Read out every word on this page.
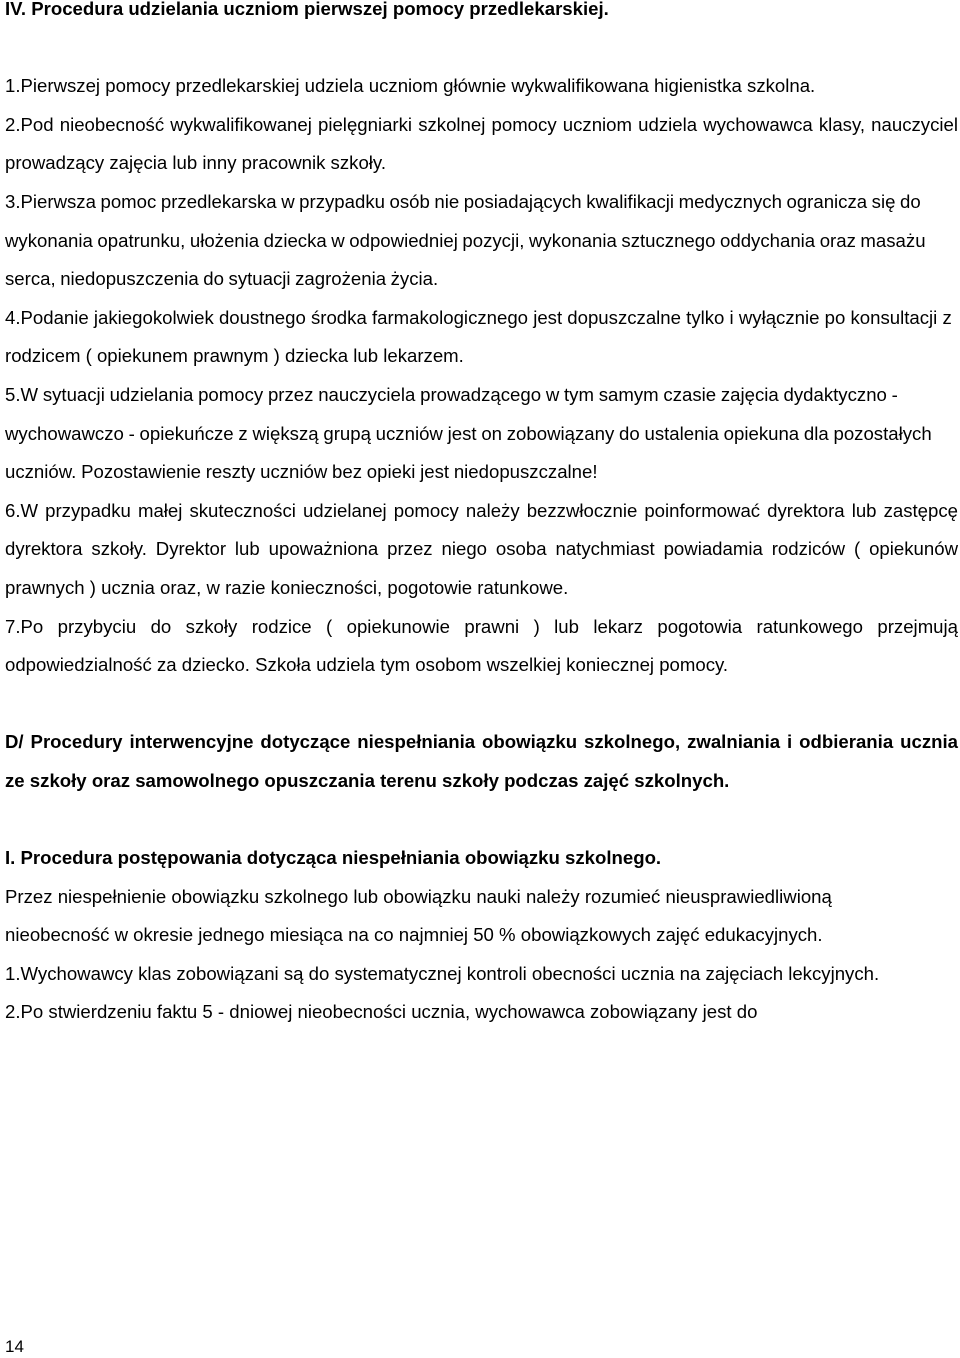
IV. Procedura udzielania uczniom pierwszej pomocy przedlekarskiej.

1.Pierwszej pomocy przedlekarskiej udziela uczniom głównie wykwalifikowana higienistka szkolna.

2.Pod nieobecność wykwalifikowanej pielęgniarki szkolnej pomocy uczniom udziela wychowawca klasy, nauczyciel prowadzący zajęcia lub inny pracownik szkoły.

3.Pierwsza pomoc przedlekarska w przypadku osób nie posiadających kwalifikacji medycznych ogranicza się do wykonania opatrunku, ułożenia dziecka w odpowiedniej pozycji, wykonania sztucznego oddychania oraz masażu serca, niedopuszczenia do sytuacji zagrożenia życia.

4.Podanie jakiegokolwiek doustnego środka farmakologicznego jest dopuszczalne tylko i wyłącznie po konsultacji z rodzicem ( opiekunem prawnym ) dziecka lub lekarzem.

5.W sytuacji udzielania pomocy przez nauczyciela prowadzącego w tym samym czasie zajęcia dydaktyczno - wychowawczo - opiekuńcze z większą grupą uczniów jest on zobowiązany do ustalenia opiekuna dla pozostałych uczniów. Pozostawienie reszty uczniów bez opieki jest niedopuszczalne!

6.W przypadku małej skuteczności udzielanej pomocy należy bezzwłocznie poinformować dyrektora lub zastępcę dyrektora szkoły. Dyrektor lub upoważniona przez niego osoba natychmiast powiadamia rodziców ( opiekunów prawnych ) ucznia oraz, w razie konieczności, pogotowie ratunkowe.

7.Po przybyciu do szkoły rodzice ( opiekunowie prawni ) lub lekarz pogotowia ratunkowego przejmują odpowiedzialność za dziecko. Szkoła udziela tym osobom wszelkiej koniecznej pomocy.

D/ Procedury interwencyjne dotyczące niespełniania obowiązku szkolnego, zwalniania i odbierania ucznia ze szkoły oraz samowolnego opuszczania terenu szkoły podczas zajęć szkolnych.

I. Procedura postępowania dotycząca niespełniania obowiązku szkolnego.

Przez niespełnienie obowiązku szkolnego lub obowiązku nauki należy rozumieć nieusprawiedliwioną nieobecność w okresie jednego miesiąca na co najmniej 50 % obowiązkowych zajęć edukacyjnych.

1.Wychowawcy klas zobowiązani są do systematycznej kontroli obecności ucznia na zajęciach lekcyjnych.

2.Po stwierdzeniu faktu 5 - dniowej nieobecności ucznia, wychowawca zobowiązany jest do

14
